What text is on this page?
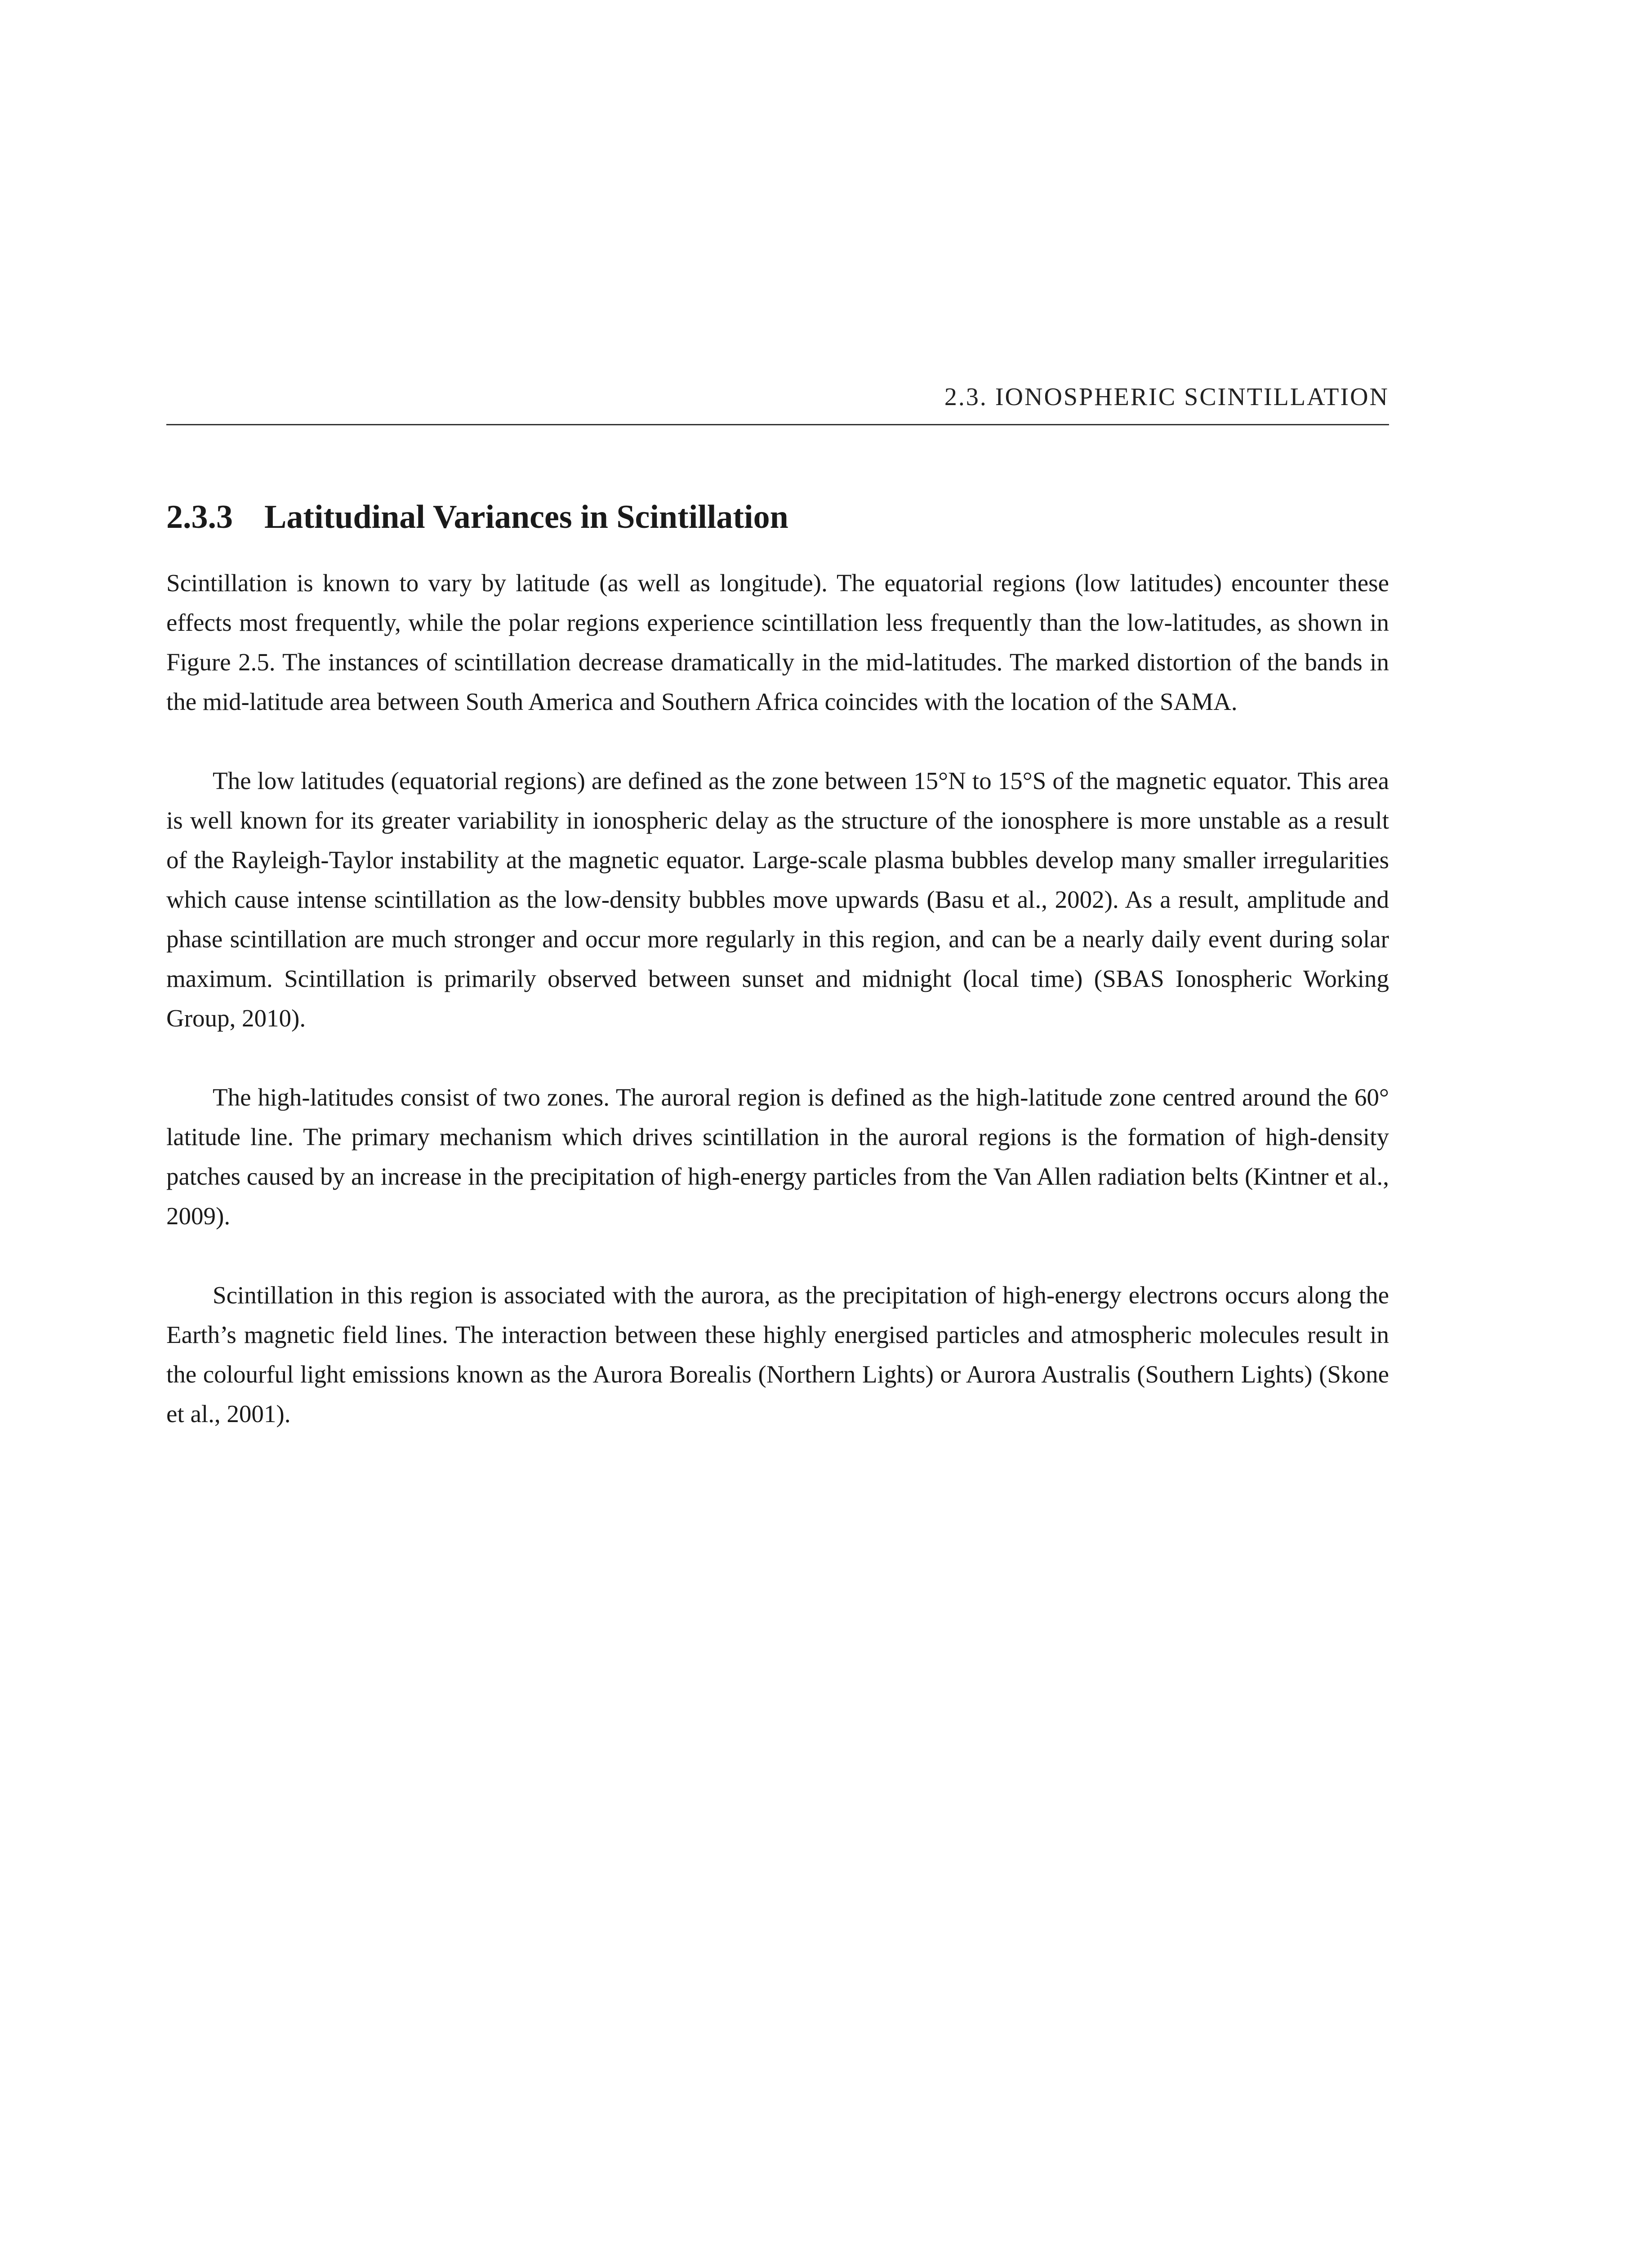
2.3. IONOSPHERIC SCINTILLATION
2.3.3 Latitudinal Variances in Scintillation

Scintillation is known to vary by latitude (as well as longitude). The equatorial regions (low latitudes) encounter these effects most frequently, while the polar regions experience scintillation less frequently than the low-latitudes, as shown in Figure 2.5. The instances of scintillation decrease dramatically in the mid-latitudes. The marked distortion of the bands in the mid-latitude area between South America and Southern Africa coincides with the location of the SAMA.

The low latitudes (equatorial regions) are defined as the zone between 15°N to 15°S of the magnetic equator. This area is well known for its greater variability in ionospheric delay as the structure of the ionosphere is more unstable as a result of the Rayleigh-Taylor instability at the magnetic equator. Large-scale plasma bubbles develop many smaller irregularities which cause intense scintillation as the low-density bubbles move upwards (Basu et al., 2002). As a result, amplitude and phase scintillation are much stronger and occur more regularly in this region, and can be a nearly daily event during solar maximum. Scintillation is primarily observed between sunset and midnight (local time) (SBAS Ionospheric Working Group, 2010).

The high-latitudes consist of two zones. The auroral region is defined as the high-latitude zone centred around the 60° latitude line. The primary mechanism which drives scintillation in the auroral regions is the formation of high-density patches caused by an increase in the precipitation of high-energy particles from the Van Allen radiation belts (Kintner et al., 2009).

Scintillation in this region is associated with the aurora, as the precipitation of high-energy electrons occurs along the Earth’s magnetic field lines. The interaction between these highly energised particles and atmospheric molecules result in the colourful light emissions known as the Aurora Borealis (Northern Lights) or Aurora Australis (Southern Lights) (Skone et al., 2001).
